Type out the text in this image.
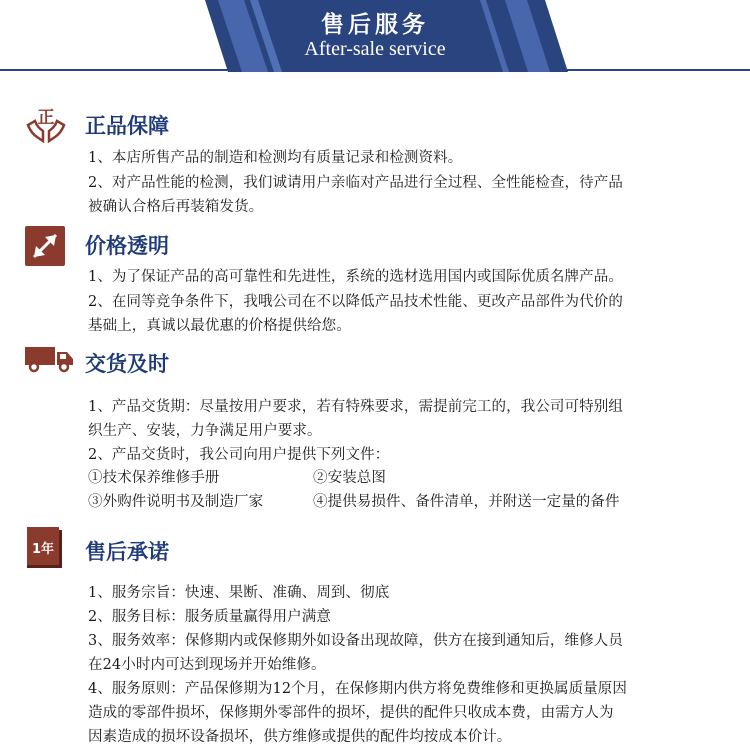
售后服务
After-sale service
正 正品保障
1、本店所售产品的制造和检测均有质量记录和检测资料。
2、对产品性能的检测，我们诚请用户亲临对产品进行全过程、全性能检查，待产品
被确认合格后再装箱发货。
价格透明
1、为了保证产品的高可靠性和先进性，系统的选材选用国内或国际优质名牌产品。
2、在同等竞争条件下，我哦公司在不以降低产品技术性能、更改产品部件为代价的
基础上，真诚以最优惠的价格提供给您。
交货及时
1、产品交货期：尽量按用户要求，若有特殊要求，需提前完工的，我公司可特别组
织生产、安装，力争满足用户要求。
2、产品交货时，我公司向用户提供下列文件：
①技术保养维修手册	②安装总图
③外购件说明书及制造厂家	④提供易损件、备件清单，并附送一定量的备件
1年 售后承诺
1、服务宗旨：快速、果断、准确、周到、彻底
2、服务目标：服务质量赢得用户满意
3、服务效率：保修期内或保修期外如设备出现故障，供方在接到通知后，维修人员
在24小时内可达到现场并开始维修。
4、服务原则：产品保修期为12个月，在保修期内供方将免费维修和更换属质量原因
造成的零部件损坏，保修期外零部件的损坏，提供的配件只收成本费，由需方人为
因素造成的损坏设备损坏，供方维修或提供的配件均按成本价计。
